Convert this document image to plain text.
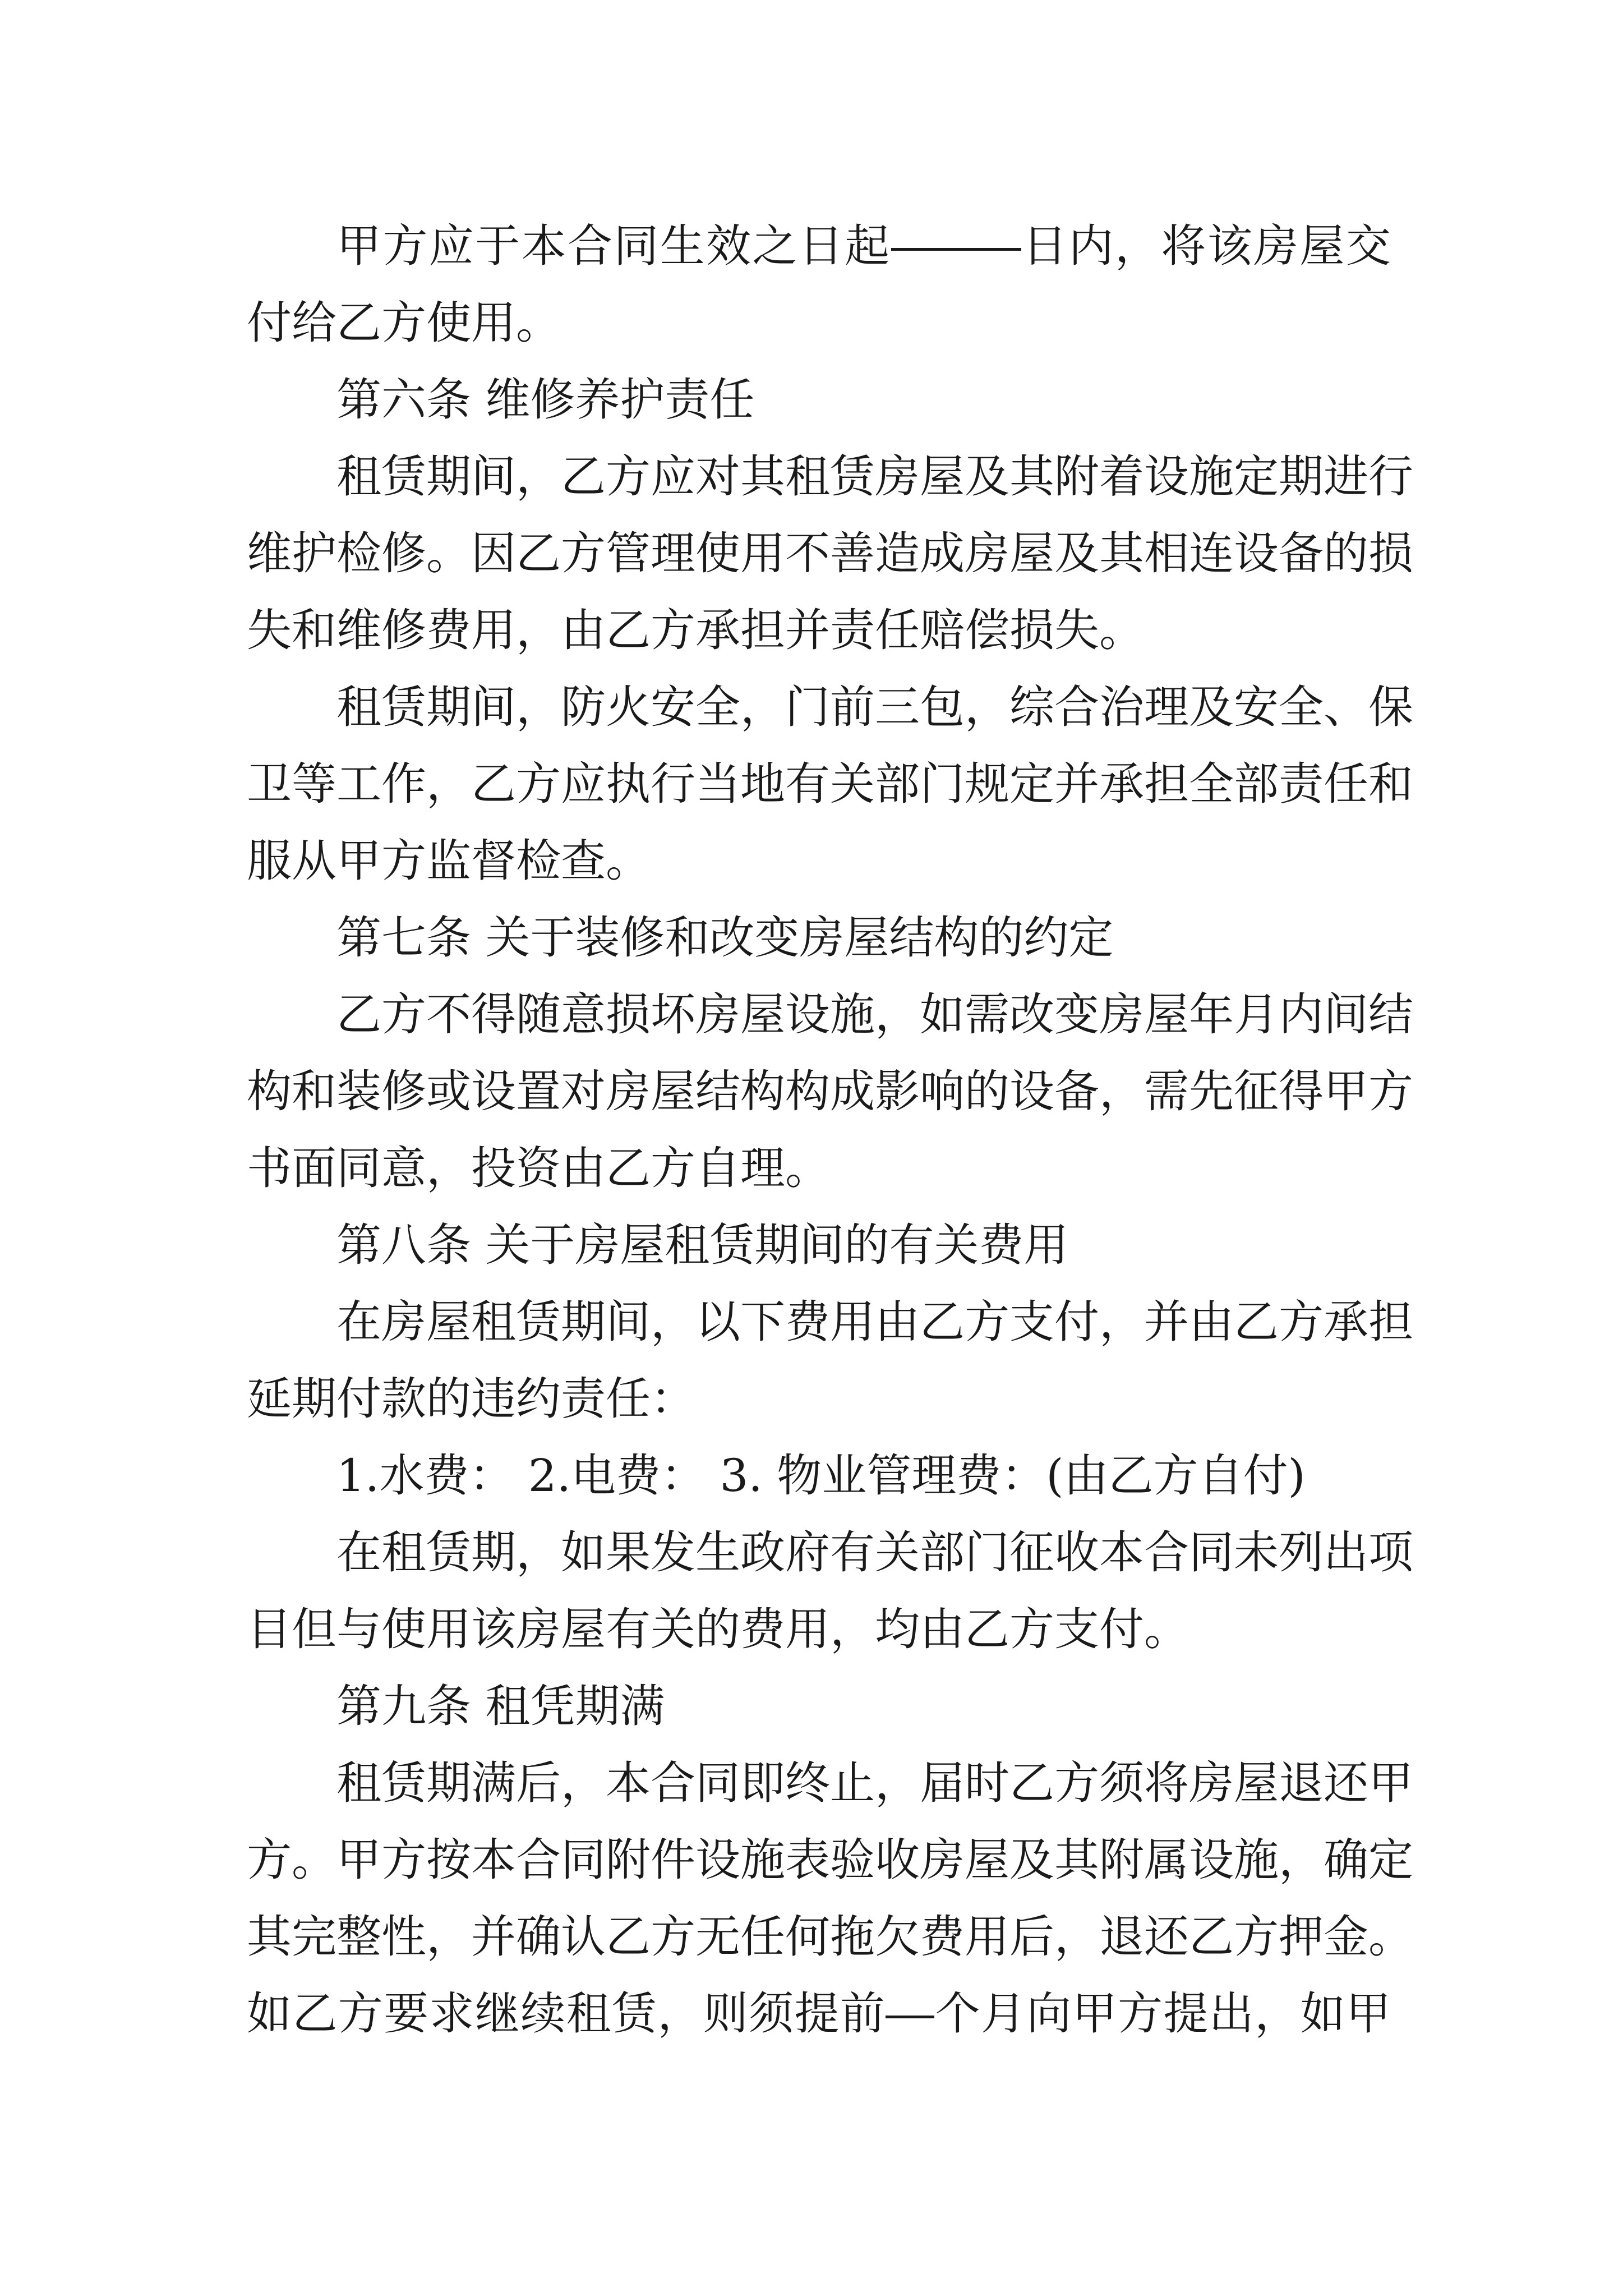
甲 方 应 于 本 合 同 生 效 之 日 起	日 内 ， 将 该 房 屋 交
付给乙方使用。
第六条 维修养护责任
租 赁 期 间 ， 乙 方 应 对 其 租 赁 房 屋 及 其 附 着 设 施 定 期 进 行
维 护 检 修 。 因 乙 方 管 理 使 用 不 善 造 成 房 屋 及 其 相 连 设 备 的 损
失和维修费用，由乙方承担并责任赔偿损失。
租 赁 期 间 ， 防 火 安 全 ， 门 前 三 包 ， 综 合 治 理 及 安 全 、 保
卫 等 工 作 ， 乙 方 应 执 行 当 地 有 关 部 门 规 定 并 承 担 全 部 责 任 和
服从甲方监督检查。
第七条 关于装修和改变房屋结构的约定
乙 方 不 得 随 意 损 坏 房 屋 设 施 ， 如 需 改 变 房 屋 年 月 内 间 结
构 和 装 修 或 设 置 对 房 屋 结 构 构 成 影 响 的 设 备 ， 需 先 征 得 甲 方
书面同意，投资由乙方自理。
第八条 关于房屋租赁期间的有关费用
在 房 屋 租 赁 期 间 ， 以 下 费 用 由 乙 方 支 付 ， 并 由 乙 方 承 担
延期付款的违约责任：
1.水费： 2.电费： 3. 物业管理费：(由乙方自付)
在 租 赁 期 ， 如 果 发 生 政 府 有 关 部 门 征 收 本 合 同 未 列 出 项
目但与使用该房屋有关的费用，均由乙方支付。
第九条 租凭期满
租 赁 期 满 后 ， 本 合 同 即 终 止 ， 届 时 乙 方 须 将 房 屋 退 还 甲
方 。 甲 方 按 本 合 同 附 件 设 施 表 验 收 房 屋 及 其 附 属 设 施 ， 确 定
其 完 整 性 ， 并 确 认 乙 方 无 任 何 拖 欠 费 用 后 ， 退 还 乙 方 押 金 。
如 乙 方 要 求 继 续 租 赁 ， 则 须 提 前 个 月 向 甲 方 提 出 ， 如 甲
